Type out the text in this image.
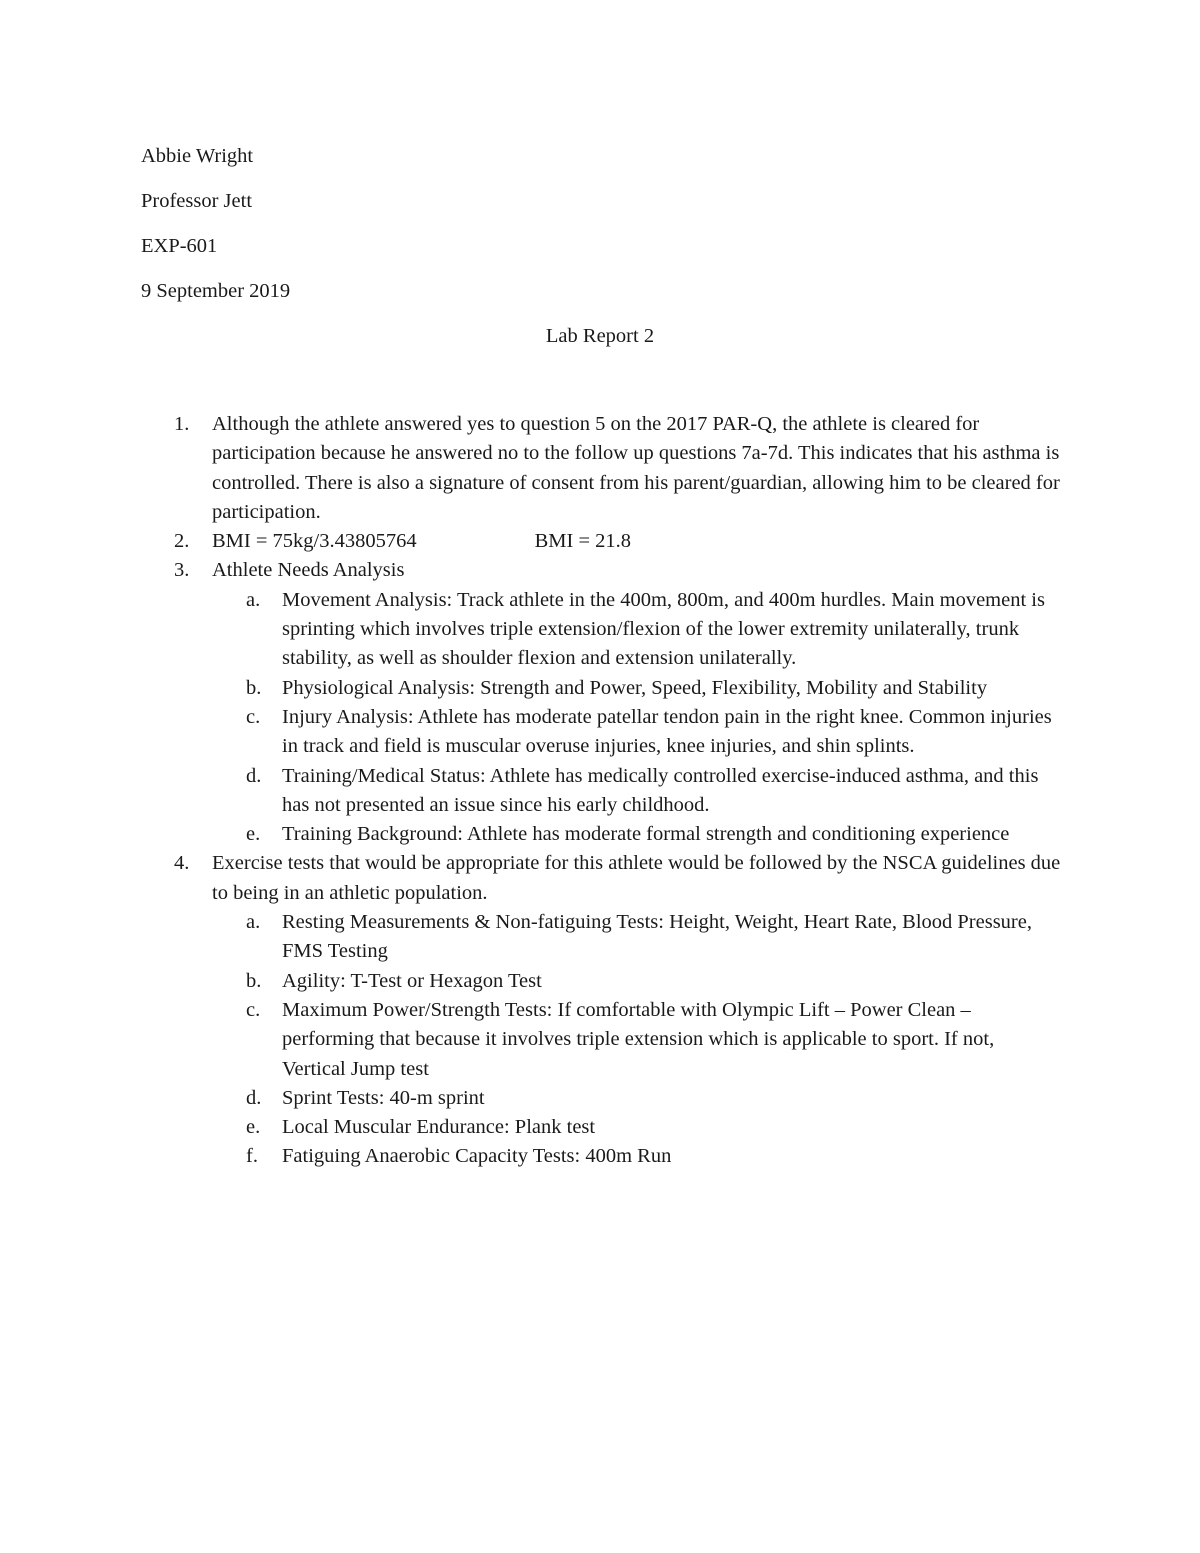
Abbie Wright
Professor Jett
EXP-601
9 September 2019
Lab Report 2
1. Although the athlete answered yes to question 5 on the 2017 PAR-Q, the athlete is cleared for participation because he answered no to the follow up questions 7a-7d. This indicates that his asthma is controlled. There is also a signature of consent from his parent/guardian, allowing him to be cleared for participation.
2. BMI = 75kg/3.43805764	BMI = 21.8
3. Athlete Needs Analysis
a. Movement Analysis: Track athlete in the 400m, 800m, and 400m hurdles. Main movement is sprinting which involves triple extension/flexion of the lower extremity unilaterally, trunk stability, as well as shoulder flexion and extension unilaterally.
b. Physiological Analysis: Strength and Power, Speed, Flexibility, Mobility and Stability
c. Injury Analysis: Athlete has moderate patellar tendon pain in the right knee. Common injuries in track and field is muscular overuse injuries, knee injuries, and shin splints.
d. Training/Medical Status: Athlete has medically controlled exercise-induced asthma, and this has not presented an issue since his early childhood.
e. Training Background: Athlete has moderate formal strength and conditioning experience
4. Exercise tests that would be appropriate for this athlete would be followed by the NSCA guidelines due to being in an athletic population.
a. Resting Measurements & Non-fatiguing Tests: Height, Weight, Heart Rate, Blood Pressure, FMS Testing
b. Agility: T-Test or Hexagon Test
c. Maximum Power/Strength Tests: If comfortable with Olympic Lift – Power Clean – performing that because it involves triple extension which is applicable to sport. If not, Vertical Jump test
d. Sprint Tests: 40-m sprint
e. Local Muscular Endurance: Plank test
f. Fatiguing Anaerobic Capacity Tests: 400m Run
